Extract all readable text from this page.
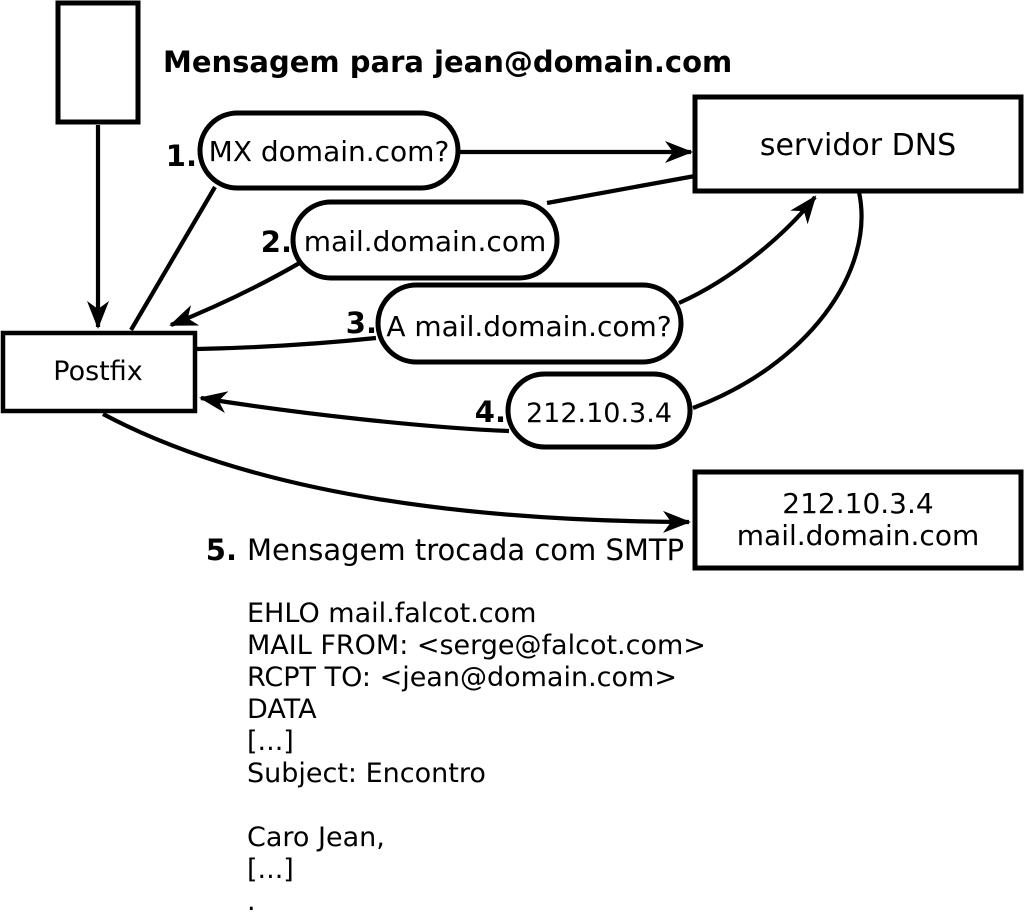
Mensagem para jean@domain.com
Postfix
servidor DNS
212.10.3.4
mail.domain.com
1. MX domain.com?
2. mail.domain.com
3. A mail.domain.com?
4. 212.10.3.4
5. Mensagem trocada com SMTP
EHLO mail.falcot.com
MAIL FROM: <serge@falcot.com>
RCPT TO: <jean@domain.com>
DATA
[...]
Subject: Encontro
Caro Jean,
[...]
.
